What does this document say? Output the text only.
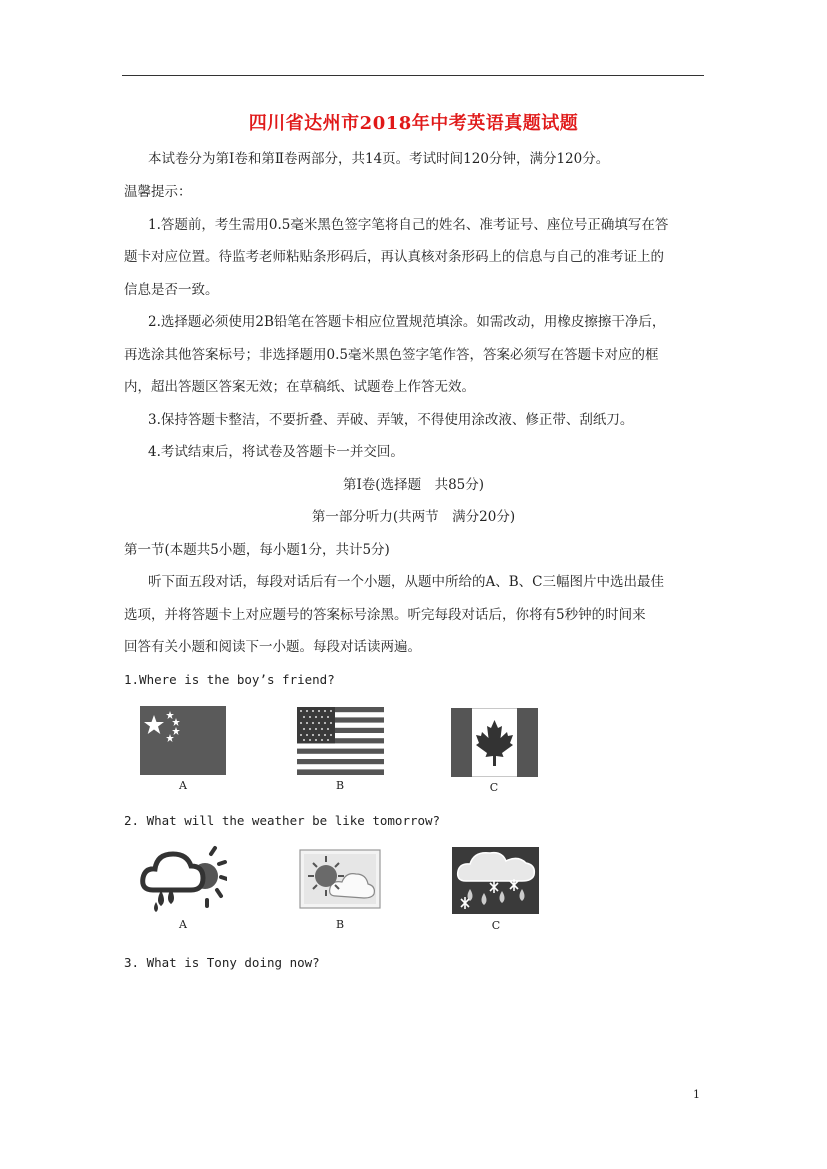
四川省达州市2018年中考英语真题试题
本试卷分为第Ⅰ卷和第Ⅱ卷两部分，共14页。考试时间120分钟，满分120分。
温馨提示：
1.答题前，考生需用0.5毫米黑色签字笔将自己的姓名、准考证号、座位号正确填写在答
题卡对应位置。待监考老师粘贴条形码后，再认真核对条形码上的信息与自己的准考证上的
信息是否一致。
2.选择题必须使用2B铅笔在答题卡相应位置规范填涂。如需改动，用橡皮擦擦干净后，
再选涂其他答案标号；非选择题用0.5毫米黑色签字笔作答，答案必须写在答题卡对应的框
内，超出答题区答案无效；在草稿纸、试题卷上作答无效。
3.保持答题卡整洁，不要折叠、弄破、弄皱，不得使用涂改液、修正带、刮纸刀。
4.考试结束后，将试卷及答题卡一并交回。
第Ⅰ卷(选择题　共85分)
第一部分听力(共两节　满分20分)
第一节(本题共5小题，每小题1分，共计5分)
听下面五段对话，每段对话后有一个小题，从题中所给的A、B、C三幅图片中选出最佳
选项，并将答题卡上对应题号的答案标号涂黑。听完每段对话后，你将有5秒钟的时间来
回答有关小题和阅读下一小题。每段对话读两遍。
1.Where is the boy’s friend?
A	B	C
2. What will the weather be like tomorrow?
A	B	C
3. What is Tony doing now?
1
